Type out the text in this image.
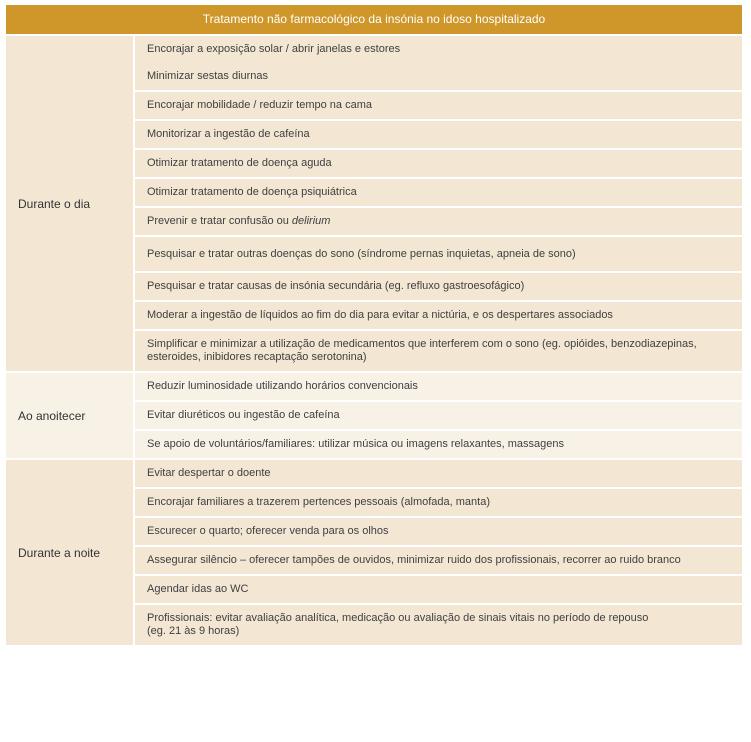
Tratamento não farmacológico da insónia no idoso hospitalizado
Durante o dia
Encorajar a exposição solar / abrir janelas e estores
Minimizar sestas diurnas
Encorajar mobilidade / reduzir tempo na cama
Monitorizar a ingestão de cafeína
Otimizar tratamento de doença aguda
Otimizar tratamento de doença psiquiátrica
Prevenir e tratar confusão ou delirium
Pesquisar e tratar outras doenças do sono (síndrome pernas inquietas, apneia de sono)
Pesquisar e tratar causas de insónia secundária (eg. refluxo gastroesofágico)
Moderar a ingestão de líquidos ao fim do dia para evitar a nictúria, e os despertares associados
Simplificar e minimizar a utilização de medicamentos que interferem com o sono (eg. opióides, benzodiazepinas, esteroides, inibidores recaptação serotonina)
Ao anoitecer
Reduzir luminosidade utilizando horários convencionais
Evitar diuréticos ou ingestão de cafeína
Se apoio de voluntários/familiares: utilizar música ou imagens relaxantes, massagens
Durante a noite
Evitar despertar o doente
Encorajar familiares a trazerem pertences pessoais (almofada, manta)
Escurecer o quarto; oferecer venda para os olhos
Assegurar silêncio – oferecer tampões de ouvidos, minimizar ruido dos profissionais, recorrer ao ruido branco
Agendar idas ao WC
Profissionais: evitar avaliação analítica, medicação ou avaliação de sinais vitais no período de repouso
(eg. 21 às 9 horas)
